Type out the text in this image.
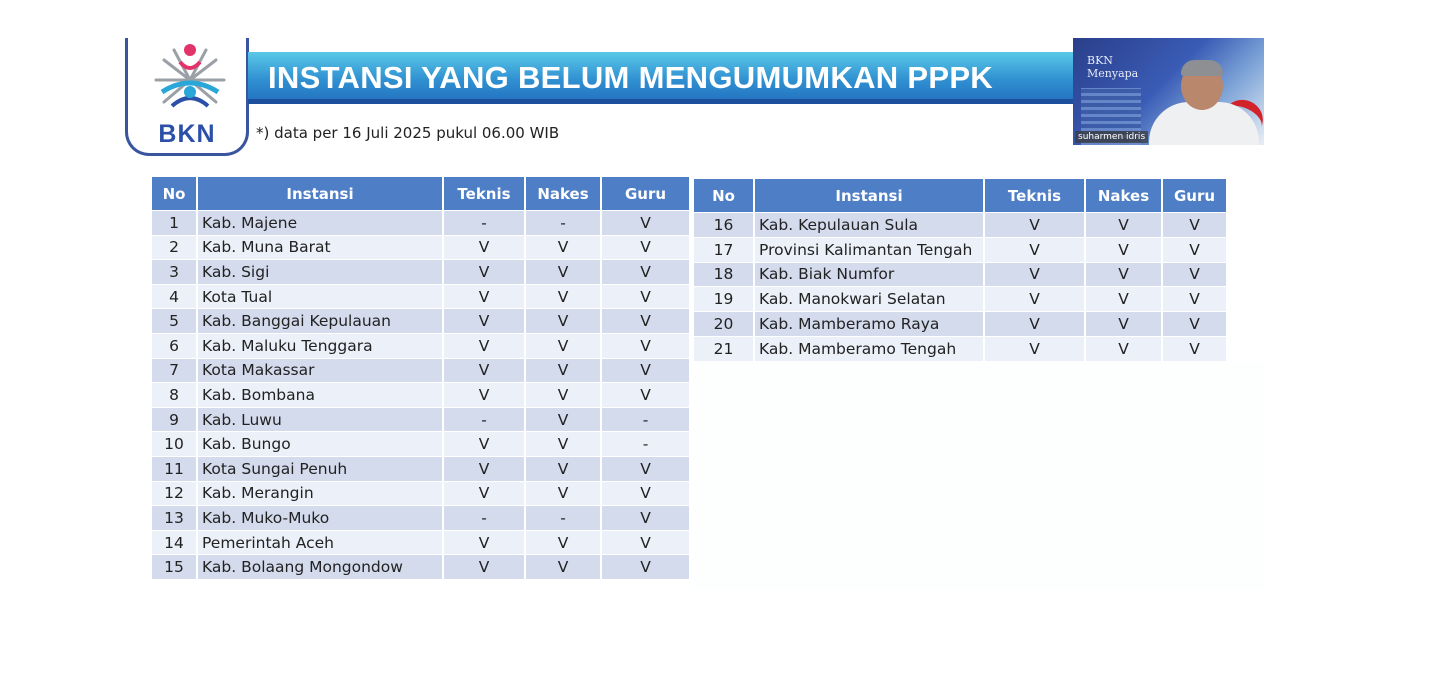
BKN
INSTANSI YANG BELUM MENGUMUMKAN PPPK
*) data per 16 Juli 2025 pukul 06.00 WIB
BKN Menyapa
suharmen idris
No	Instansi	Teknis	Nakes	Guru
1	Kab. Majene	-	-	V
2	Kab. Muna Barat	V	V	V
3	Kab. Sigi	V	V	V
4	Kota Tual	V	V	V
5	Kab. Banggai Kepulauan	V	V	V
6	Kab. Maluku Tenggara	V	V	V
7	Kota Makassar	V	V	V
8	Kab. Bombana	V	V	V
9	Kab. Luwu	-	V	-
10	Kab. Bungo	V	V	-
11	Kota Sungai Penuh	V	V	V
12	Kab. Merangin	V	V	V
13	Kab. Muko-Muko	-	-	V
14	Pemerintah Aceh	V	V	V
15	Kab. Bolaang Mongondow	V	V	V
No	Instansi	Teknis	Nakes	Guru
16	Kab. Kepulauan Sula	V	V	V
17	Provinsi Kalimantan Tengah	V	V	V
18	Kab. Biak Numfor	V	V	V
19	Kab. Manokwari Selatan	V	V	V
20	Kab. Mamberamo Raya	V	V	V
21	Kab. Mamberamo Tengah	V	V	V
